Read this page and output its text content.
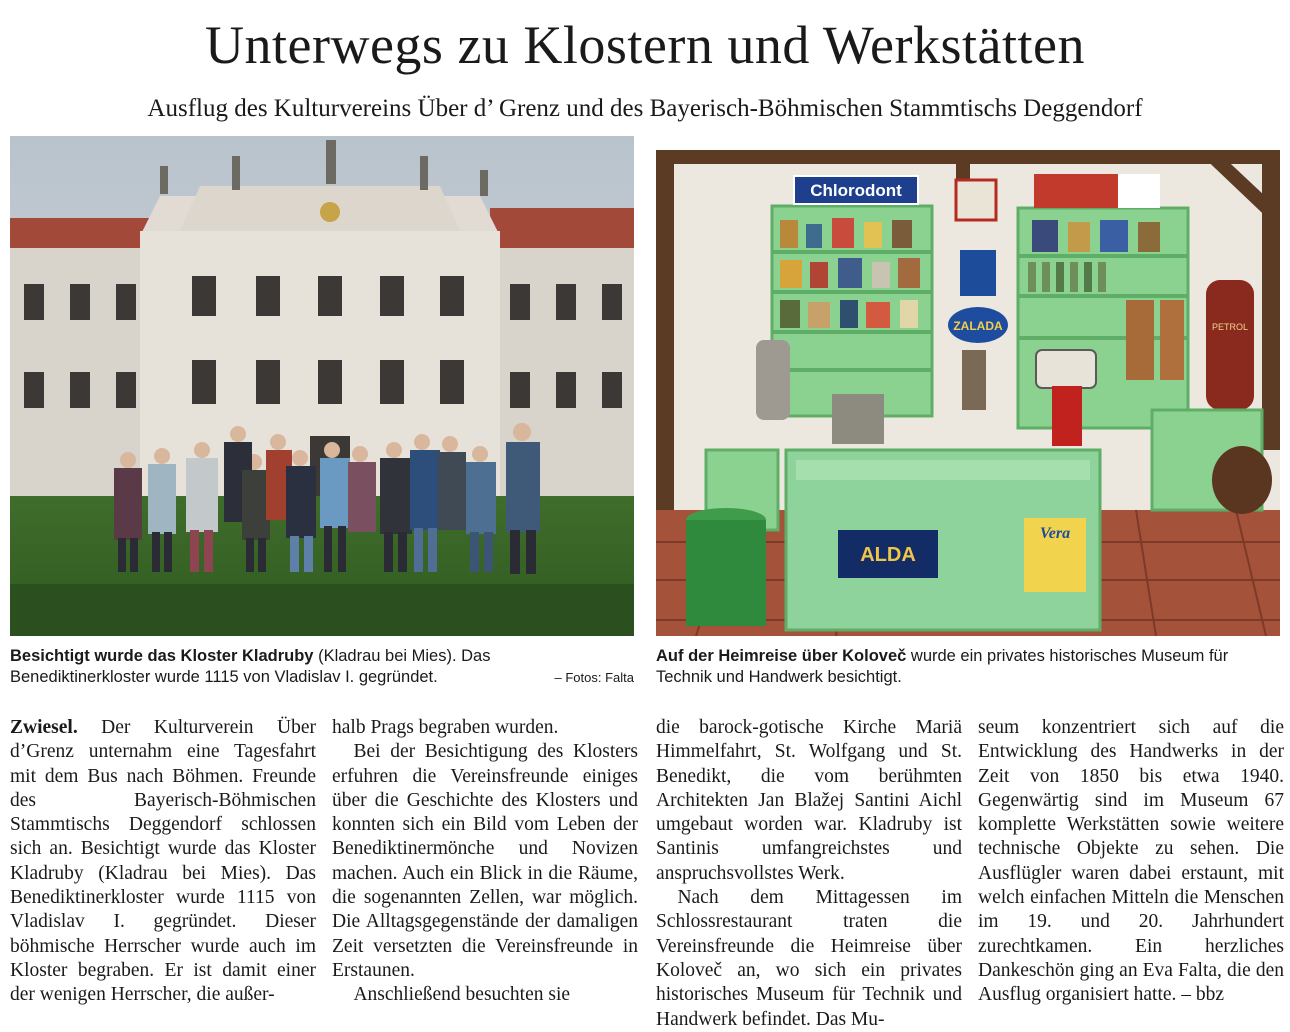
Unterwegs zu Klostern und Werkstätten
Ausflug des Kulturvereins Über d’ Grenz und des Bayerisch-Böhmischen Stammtischs Deggendorf
Chlorodont
ZALADA	PETROL
ALDA
Vera
Besichtigt wurde das Kloster Kladruby (Kladrau bei Mies). Das Benediktinerkloster wurde 1115 von Vladislav I. gegründet.	– Fotos: Falta
Auf der Heimreise über Koloveč wurde ein privates historisches Museum für Technik und Handwerk besichtigt.

Zwiesel. Der Kulturverein Über d’Grenz unternahm eine Tagesfahrt mit dem Bus nach Böhmen. Freunde des Bayerisch-Böhmischen Stammtischs Deggendorf schlossen sich an. Besichtigt wurde das Kloster Kladruby (Kladrau bei Mies). Das Benediktinerkloster wurde 1115 von Vladislav I. gegründet. Dieser böhmische Herrscher wurde auch im Kloster begraben. Er ist damit einer der wenigen Herrscher, die außer-

halb Prags begraben wurden.

Bei der Besichtigung des Klosters erfuhren die Vereinsfreunde einiges über die Geschichte des Klosters und konnten sich ein Bild vom Leben der Benediktinermönche und Novizen machen. Auch ein Blick in die Räume, die sogenannten Zellen, war möglich. Die Alltagsgegenstände der damaligen Zeit versetzten die Vereinsfreunde in Erstaunen.

Anschließend besuchten sie

die barock-gotische Kirche Mariä Himmelfahrt, St. Wolfgang und St. Benedikt, die vom berühmten Architekten Jan Blažej Santini Aichl umgebaut worden war. Kladruby ist Santinis umfangreichstes und anspruchsvollstes Werk.

Nach dem Mittagessen im Schlossrestaurant traten die Vereinsfreunde die Heimreise über Koloveč an, wo sich ein privates historisches Museum für Technik und Handwerk befindet. Das Mu-

seum konzentriert sich auf die Entwicklung des Handwerks in der Zeit von 1850 bis etwa 1940. Gegenwärtig sind im Museum 67 komplette Werkstätten sowie weitere technische Objekte zu sehen. Die Ausflügler waren dabei erstaunt, mit welch einfachen Mitteln die Menschen im 19. und 20. Jahrhundert zurechtkamen. Ein herzliches Dankeschön ging an Eva Falta, die den Ausflug organisiert hatte. – bbz
